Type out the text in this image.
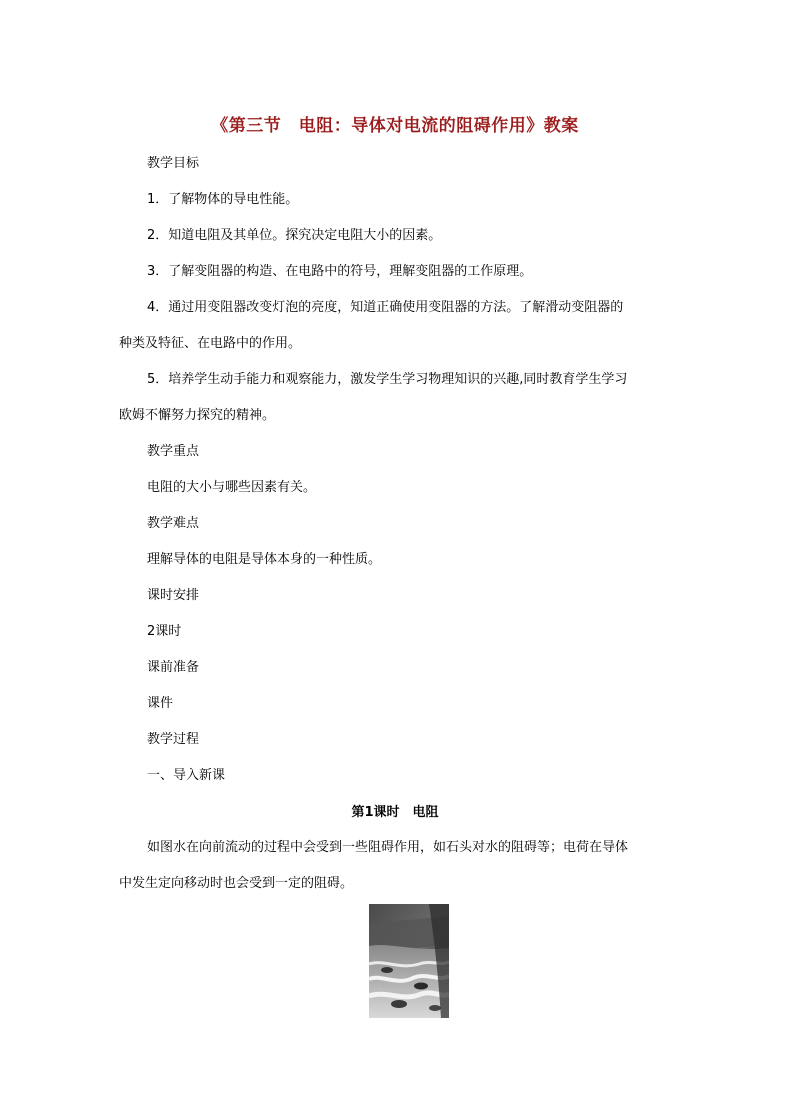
《第三节　电阻：导体对电流的阻碍作用》教案
教学目标
1．了解物体的导电性能。
2．知道电阻及其单位。探究决定电阻大小的因素。
3．了解变阻器的构造、在电路中的符号，理解变阻器的工作原理。
4．通过用变阻器改变灯泡的亮度，知道正确使用变阻器的方法。了解滑动变阻器的
种类及特征、在电路中的作用。
5．培养学生动手能力和观察能力，激发学生学习物理知识的兴趣,同时教育学生学习
欧姆不懈努力探究的精神。
教学重点
电阻的大小与哪些因素有关。
教学难点
理解导体的电阻是导体本身的一种性质。
课时安排
2课时
课前准备
课件
教学过程
一、导入新课
第1课时　电阻
如图水在向前流动的过程中会受到一些阻碍作用，如石头对水的阻碍等；电荷在导体
中发生定向移动时也会受到一定的阻碍。
